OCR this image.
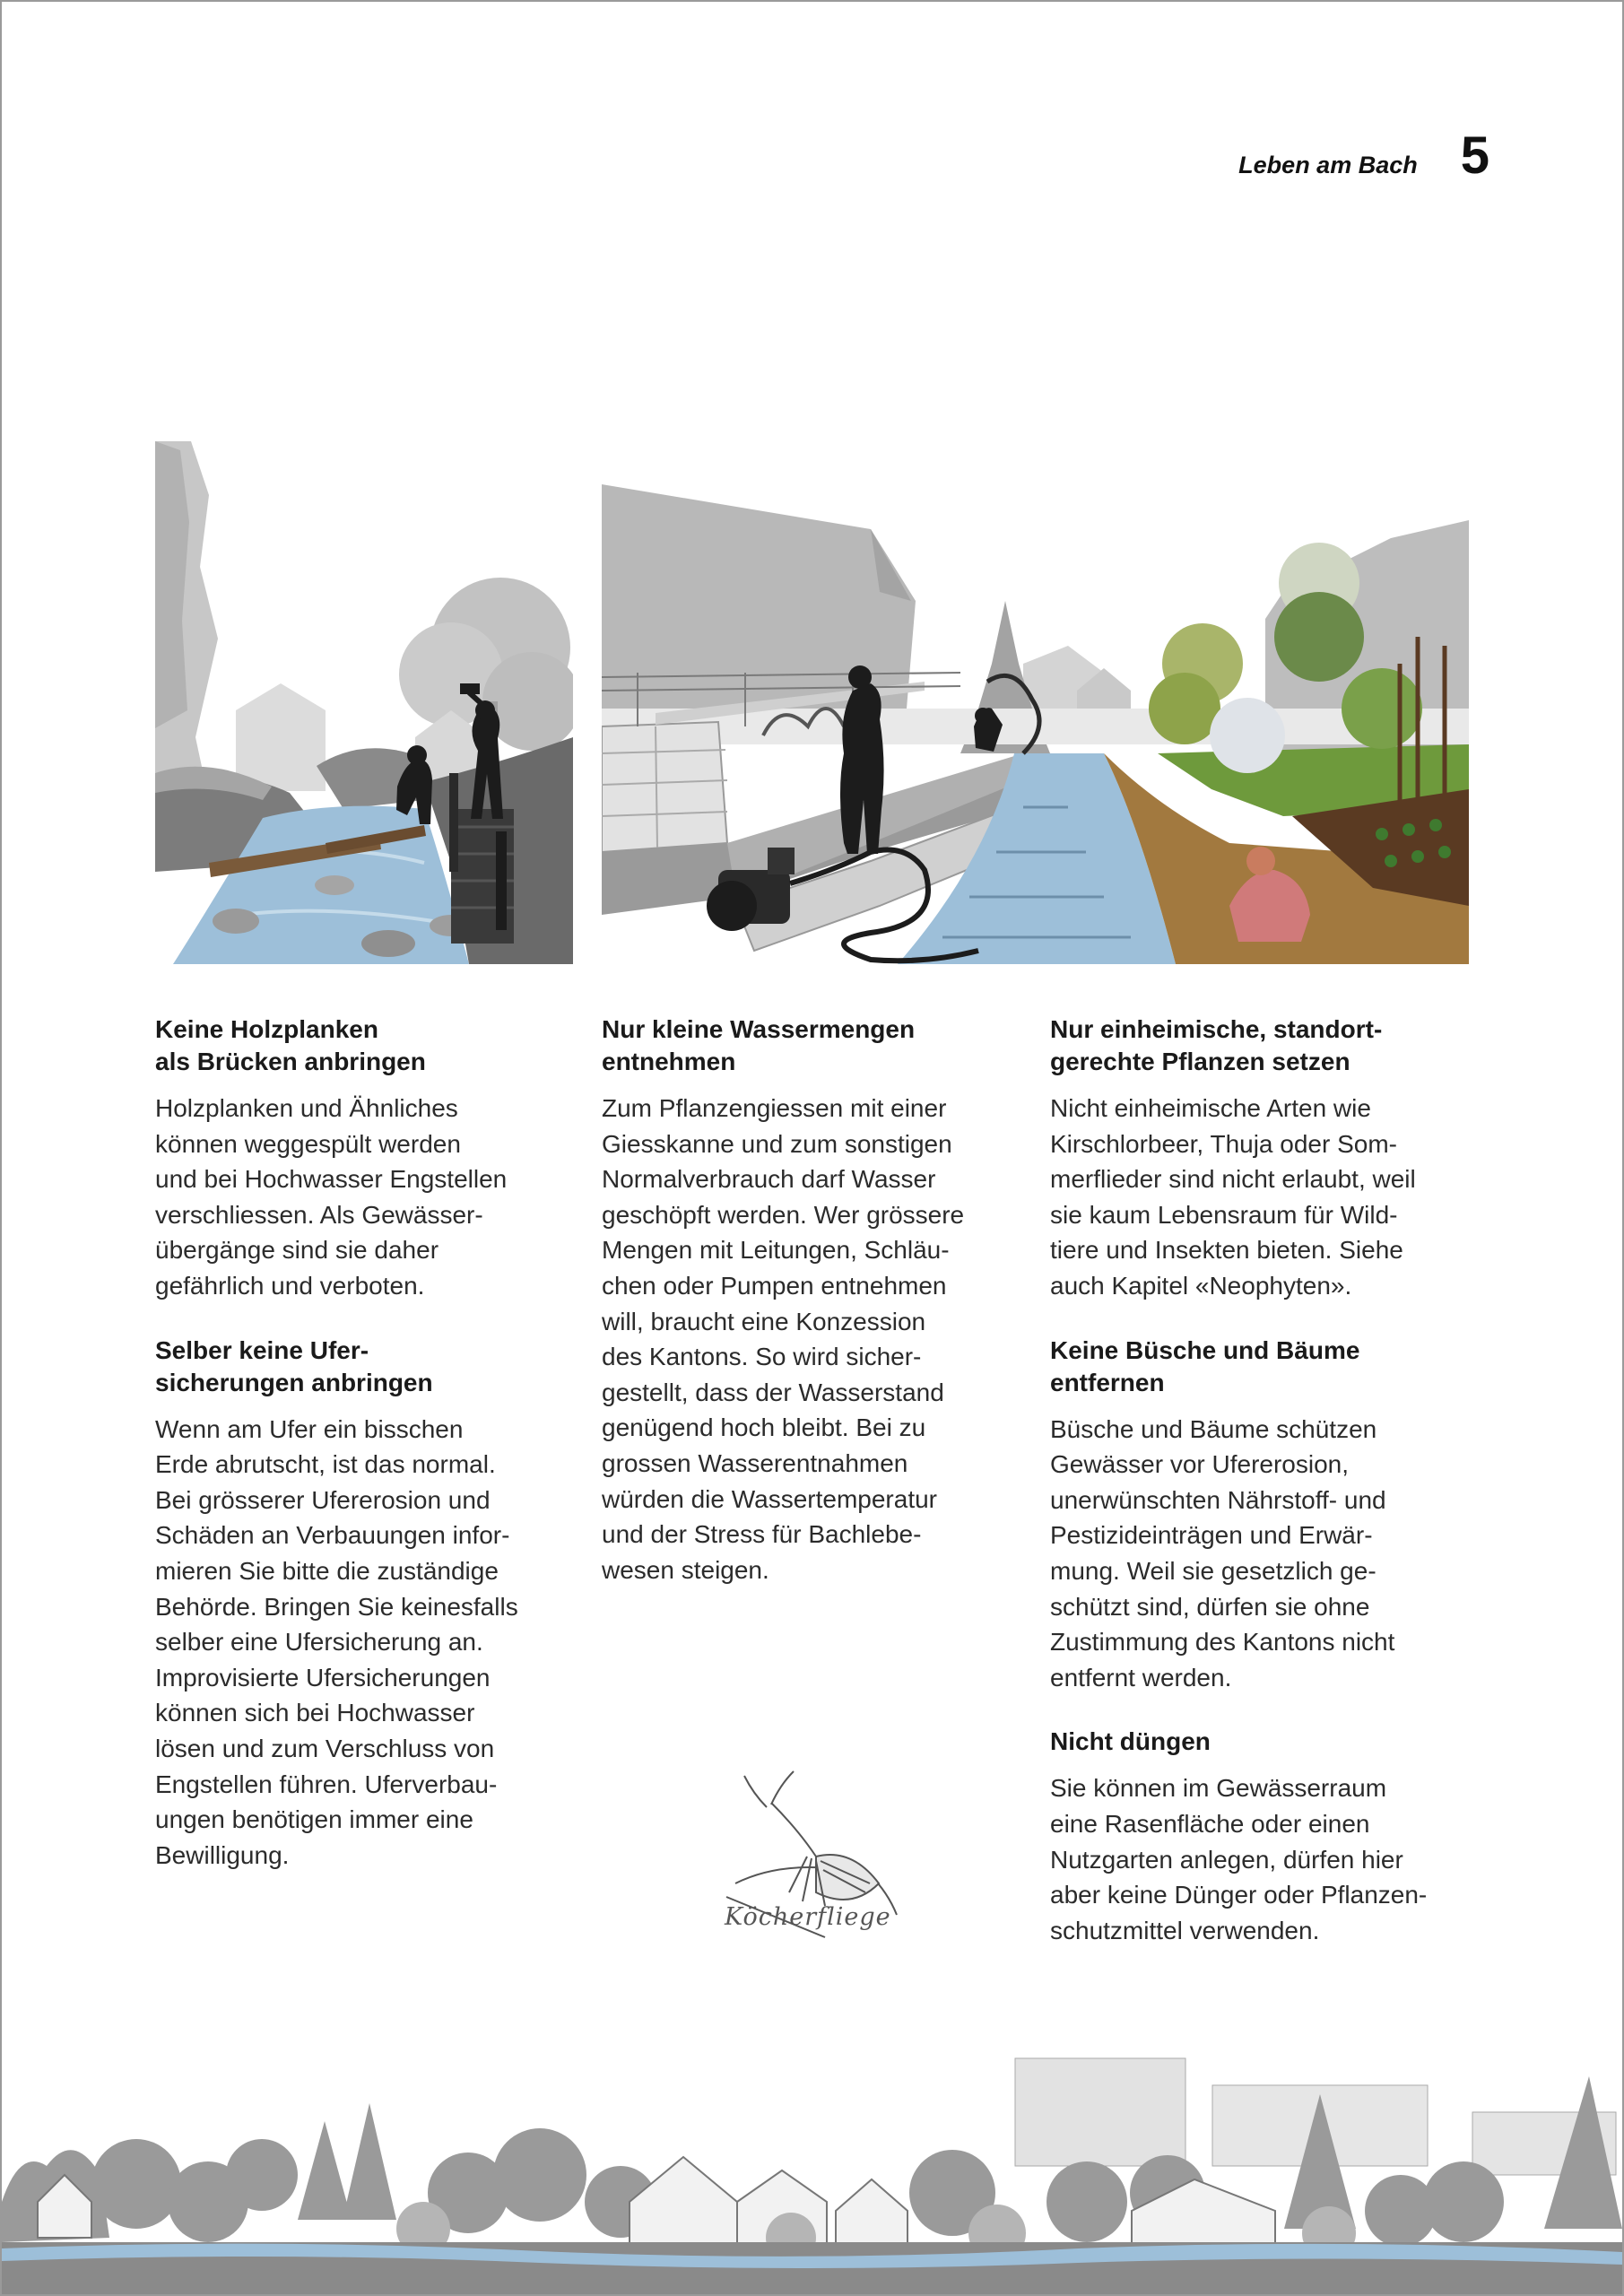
Leben am Bach 5
Keine Holzplanken
als Brücken anbringen

Holzplanken und Ähnliches
können weggespült werden
und bei Hochwasser Engstellen
verschliessen. Als Gewässer-
übergänge sind sie daher
gefährlich und verboten.

Selber keine Ufer-
sicherungen anbringen

Wenn am Ufer ein bisschen
Erde abrutscht, ist das normal.
Bei grösserer Ufererosion und
Schäden an Verbauungen infor-
mieren Sie bitte die zuständige
Behörde. Bringen Sie keinesfalls
selber eine Ufersicherung an.
Improvisierte Ufersicherungen
können sich bei Hochwasser
lösen und zum Verschluss von
Engstellen führen. Uferverbau-
ungen benötigen immer eine
Bewilligung.

Nur kleine Wassermengen
entnehmen

Zum Pflanzengiessen mit einer
Giesskanne und zum sonstigen
Normalverbrauch darf Wasser
geschöpft werden. Wer grössere
Mengen mit Leitungen, Schläu-
chen oder Pumpen entnehmen
will, braucht eine Konzession
des Kantons. So wird sicher-
gestellt, dass der Wasserstand
genügend hoch bleibt. Bei zu
grossen Wasserentnahmen
würden die Wassertemperatur
und der Stress für Bachlebe-
wesen steigen.

Nur einheimische, standort-
gerechte Pflanzen setzen

Nicht einheimische Arten wie
Kirschlorbeer, Thuja oder Som-
merflieder sind nicht erlaubt, weil
sie kaum Lebensraum für Wild-
tiere und Insekten bieten. Siehe
auch Kapitel «Neophyten».

Keine Büsche und Bäume
entfernen

Büsche und Bäume schützen
Gewässer vor Ufererosion,
unerwünschten Nährstoff- und
Pestizideinträgen und Erwär-
mung. Weil sie gesetzlich ge-
schützt sind, dürfen sie ohne
Zustimmung des Kantons nicht
entfernt werden.

Nicht düngen

Sie können im Gewässerraum
eine Rasenfläche oder einen
Nutzgarten anlegen, dürfen hier
aber keine Dünger oder Pflanzen-
schutzmittel verwenden.

Köcherfliege
